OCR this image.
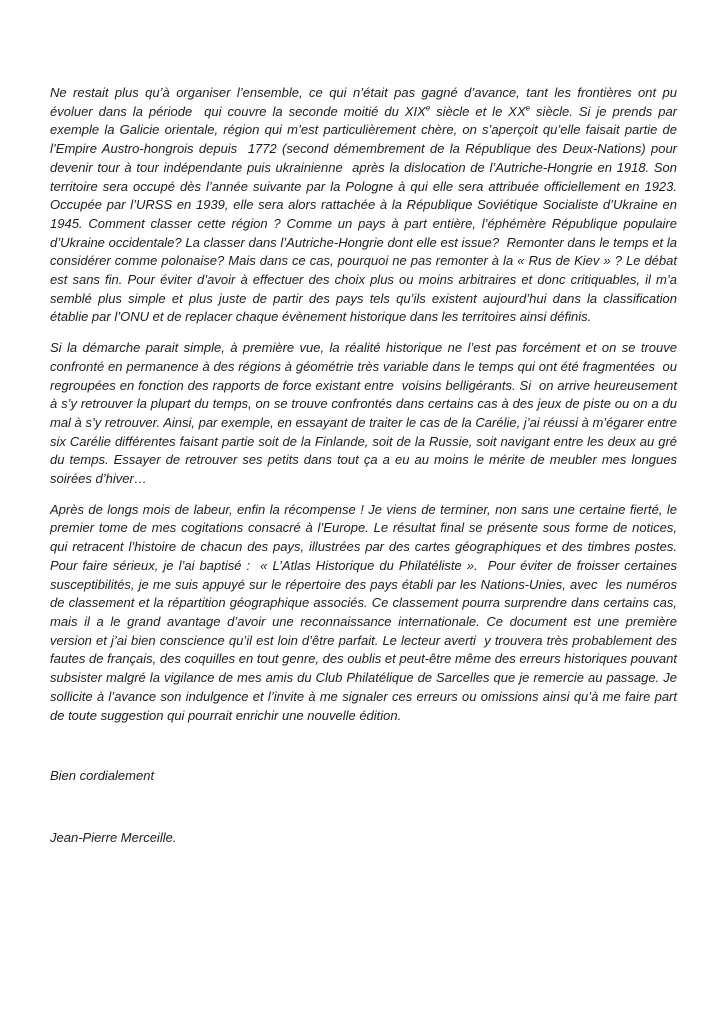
Ne restait plus qu’à organiser l’ensemble, ce qui n’était pas gagné d’avance, tant les frontières ont pu évoluer dans la période  qui couvre la seconde moitié du XIXe siècle et le XXe siècle. Si je prends par exemple la Galicie orientale, région qui m’est particulièrement chère, on s’aperçoit qu’elle faisait partie de l’Empire Austro-hongrois depuis  1772 (second démembrement de la République des Deux-Nations) pour devenir tour à tour indépendante puis ukrainienne  après la dislocation de l’Autriche-Hongrie en 1918. Son territoire sera occupé dès l’année suivante par la Pologne à qui elle sera attribuée officiellement en 1923. Occupée par l’URSS en 1939, elle sera alors rattachée à la République Soviétique Socialiste d’Ukraine en 1945. Comment classer cette région ? Comme un pays à part entière, l’éphémère République populaire d’Ukraine occidentale? La classer dans l’Autriche-Hongrie dont elle est issue?  Remonter dans le temps et la considérer comme polonaise? Mais dans ce cas, pourquoi ne pas remonter à la « Rus de Kiev » ? Le débat est sans fin. Pour éviter d’avoir à effectuer des choix plus ou moins arbitraires et donc critiquables, il m’a semblé plus simple et plus juste de partir des pays tels qu’ils existent aujourd’hui dans la classification établie par l’ONU et de replacer chaque évènement historique dans les territoires ainsi définis.

Si la démarche parait simple, à première vue, la réalité historique ne l’est pas forcément et on se trouve confronté en permanence à des régions à géométrie très variable dans le temps qui ont été fragmentées  ou regroupées en fonction des rapports de force existant entre  voisins belligérants. Si  on arrive heureusement à s’y retrouver la plupart du temps, on se trouve confrontés dans certains cas à des jeux de piste ou on a du mal à s’y retrouver. Ainsi, par exemple, en essayant de traiter le cas de la Carélie, j’ai réussi à m’égarer entre six Carélie différentes faisant partie soit de la Finlande, soit de la Russie, soit navigant entre les deux au gré du temps. Essayer de retrouver ses petits dans tout ça a eu au moins le mérite de meubler mes longues soirées d’hiver…

Après de longs mois de labeur, enfin la récompense ! Je viens de terminer, non sans une certaine fierté, le premier tome de mes cogitations consacré à l’Europe. Le résultat final se présente sous forme de notices, qui retracent l’histoire de chacun des pays, illustrées par des cartes géographiques et des timbres postes. Pour faire sérieux, je l’ai baptisé :  « L’Atlas Historique du Philatéliste ».  Pour éviter de froisser certaines susceptibilités, je me suis appuyé sur le répertoire des pays établi par les Nations-Unies, avec  les numéros de classement et la répartition géographique associés. Ce classement pourra surprendre dans certains cas, mais il a le grand avantage d’avoir une reconnaissance internationale. Ce document est une première version et j’ai bien conscience qu’il est loin d’être parfait. Le lecteur averti  y trouvera très probablement des fautes de français, des coquilles en tout genre, des oublis et peut-être même des erreurs historiques pouvant subsister malgré la vigilance de mes amis du Club Philatélique de Sarcelles que je remercie au passage. Je sollicite à l’avance son indulgence et l’invite à me signaler ces erreurs ou omissions ainsi qu’à me faire part de toute suggestion qui pourrait enrichir une nouvelle édition.

Bien cordialement

Jean-Pierre Merceille.
